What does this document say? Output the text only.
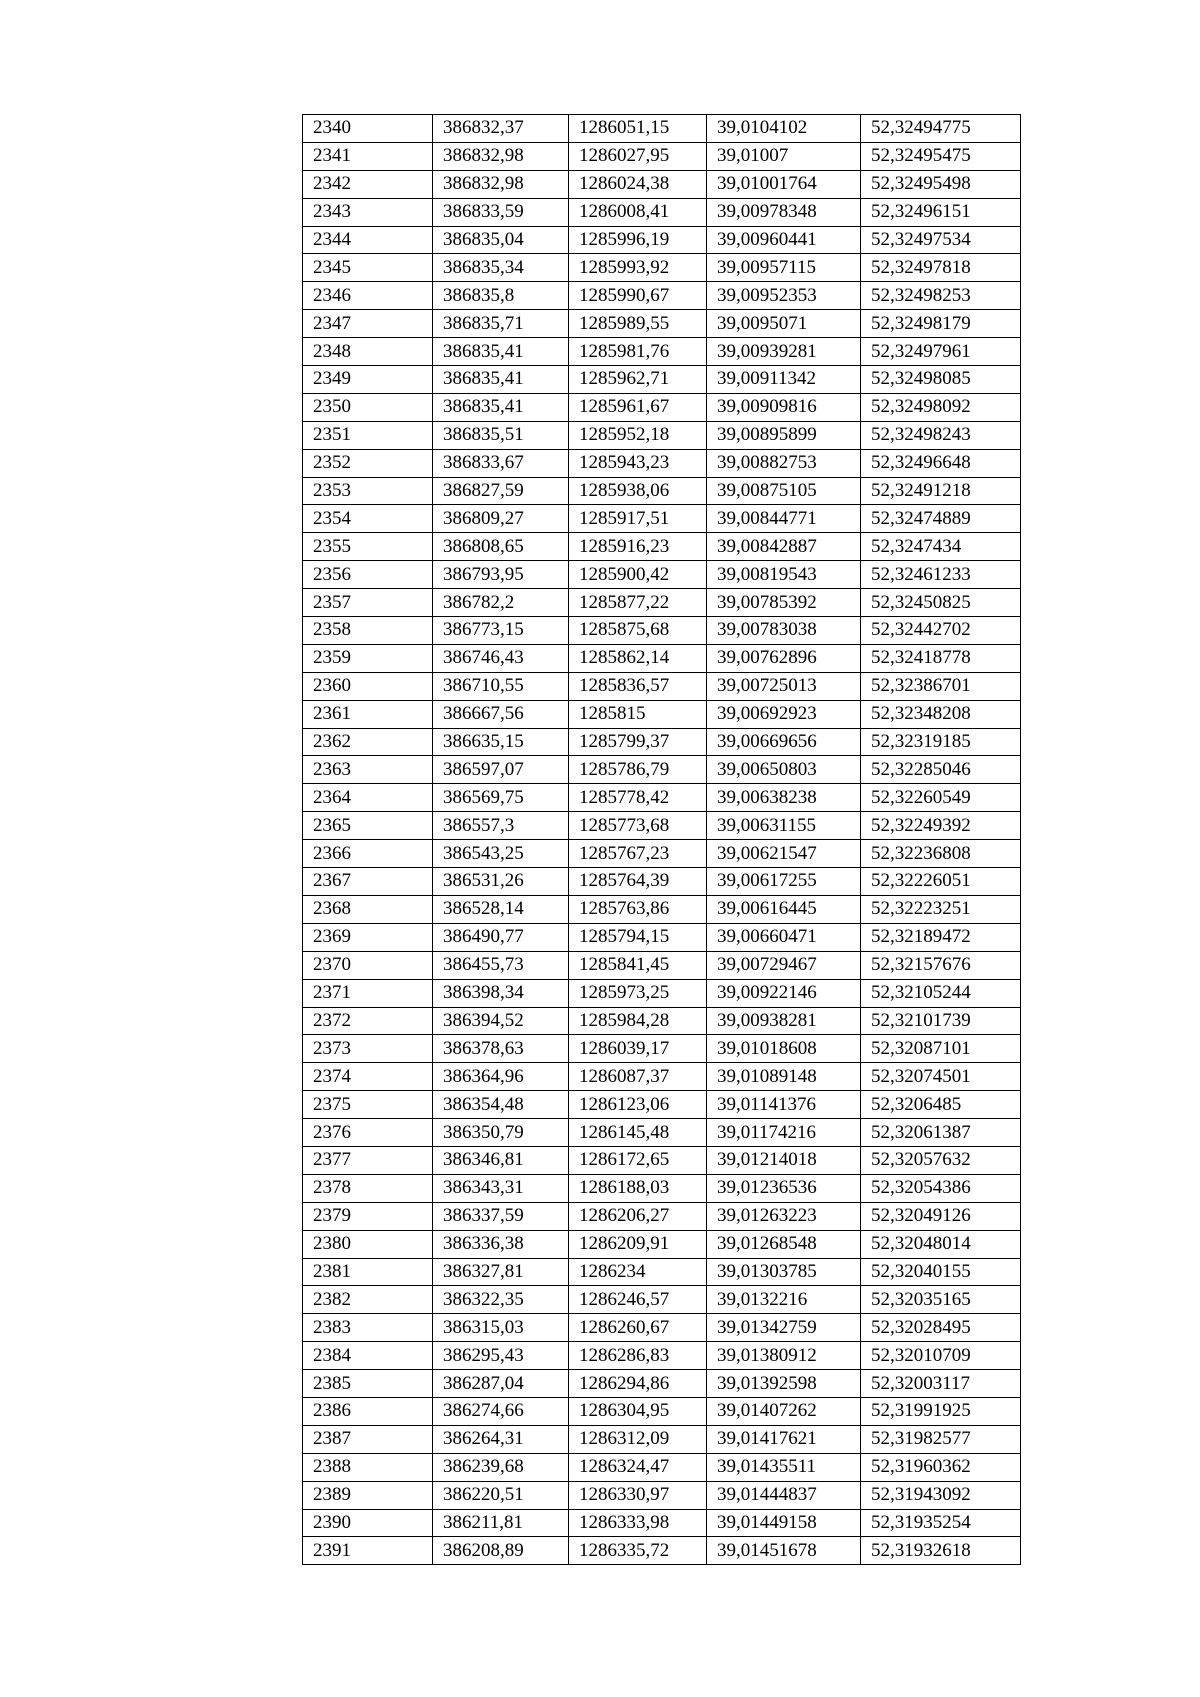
2340	386832,37	1286051,15	39,0104102	52,32494775
2341	386832,98	1286027,95	39,01007	52,32495475
2342	386832,98	1286024,38	39,01001764	52,32495498
2343	386833,59	1286008,41	39,00978348	52,32496151
2344	386835,04	1285996,19	39,00960441	52,32497534
2345	386835,34	1285993,92	39,00957115	52,32497818
2346	386835,8	1285990,67	39,00952353	52,32498253
2347	386835,71	1285989,55	39,0095071	52,32498179
2348	386835,41	1285981,76	39,00939281	52,32497961
2349	386835,41	1285962,71	39,00911342	52,32498085
2350	386835,41	1285961,67	39,00909816	52,32498092
2351	386835,51	1285952,18	39,00895899	52,32498243
2352	386833,67	1285943,23	39,00882753	52,32496648
2353	386827,59	1285938,06	39,00875105	52,32491218
2354	386809,27	1285917,51	39,00844771	52,32474889
2355	386808,65	1285916,23	39,00842887	52,3247434
2356	386793,95	1285900,42	39,00819543	52,32461233
2357	386782,2	1285877,22	39,00785392	52,32450825
2358	386773,15	1285875,68	39,00783038	52,32442702
2359	386746,43	1285862,14	39,00762896	52,32418778
2360	386710,55	1285836,57	39,00725013	52,32386701
2361	386667,56	1285815	39,00692923	52,32348208
2362	386635,15	1285799,37	39,00669656	52,32319185
2363	386597,07	1285786,79	39,00650803	52,32285046
2364	386569,75	1285778,42	39,00638238	52,32260549
2365	386557,3	1285773,68	39,00631155	52,32249392
2366	386543,25	1285767,23	39,00621547	52,32236808
2367	386531,26	1285764,39	39,00617255	52,32226051
2368	386528,14	1285763,86	39,00616445	52,32223251
2369	386490,77	1285794,15	39,00660471	52,32189472
2370	386455,73	1285841,45	39,00729467	52,32157676
2371	386398,34	1285973,25	39,00922146	52,32105244
2372	386394,52	1285984,28	39,00938281	52,32101739
2373	386378,63	1286039,17	39,01018608	52,32087101
2374	386364,96	1286087,37	39,01089148	52,32074501
2375	386354,48	1286123,06	39,01141376	52,3206485
2376	386350,79	1286145,48	39,01174216	52,32061387
2377	386346,81	1286172,65	39,01214018	52,32057632
2378	386343,31	1286188,03	39,01236536	52,32054386
2379	386337,59	1286206,27	39,01263223	52,32049126
2380	386336,38	1286209,91	39,01268548	52,32048014
2381	386327,81	1286234	39,01303785	52,32040155
2382	386322,35	1286246,57	39,0132216	52,32035165
2383	386315,03	1286260,67	39,01342759	52,32028495
2384	386295,43	1286286,83	39,01380912	52,32010709
2385	386287,04	1286294,86	39,01392598	52,32003117
2386	386274,66	1286304,95	39,01407262	52,31991925
2387	386264,31	1286312,09	39,01417621	52,31982577
2388	386239,68	1286324,47	39,01435511	52,31960362
2389	386220,51	1286330,97	39,01444837	52,31943092
2390	386211,81	1286333,98	39,01449158	52,31935254
2391	386208,89	1286335,72	39,01451678	52,31932618
